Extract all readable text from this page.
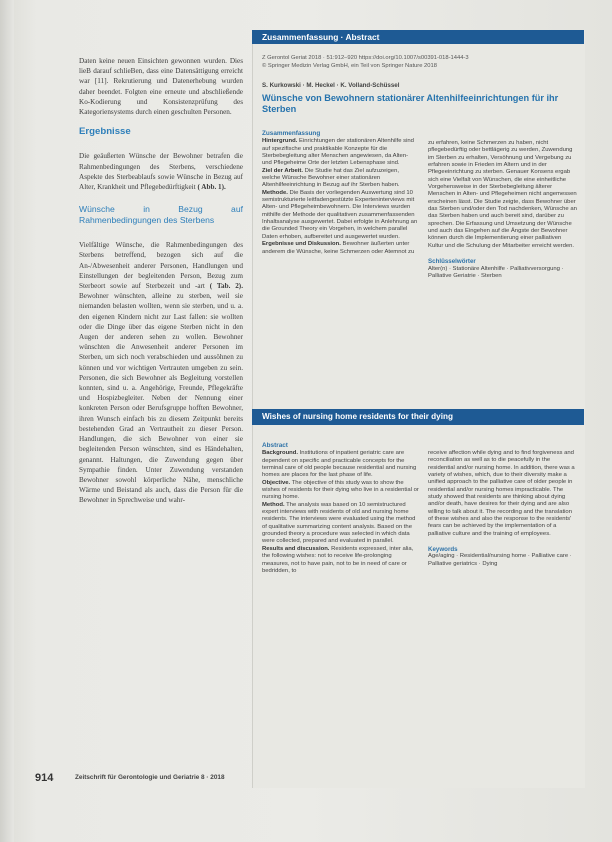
Daten keine neuen Einsichten gewonnen wurden. Dies lieB darauf schlieBen, dass eine Datensättigung erreicht war [11]. Rekrutierung und Datenerhebung wurden daher beendet. Folgten eine erneute und abschließende Ko-Kodierung und Konsistenzprüfung des Kategoriensystems durch einen geschulten Personen.

Ergebnisse

Die geäußerten Wünsche der Bewohner betrafen die Rahmenbedingungen des Sterbens, verschiedene Aspekte des Sterbeablaufs sowie Wünsche in Bezug auf Alter, Krankheit und Pflegebedürftigkeit ( Abb. 1).

Wünsche in Bezug auf Rahmenbedingungen des Sterbens

Vielfältige Wünsche, die Rahmenbedingungen des Sterbens betreffend, bezogen sich auf die An-/Abwesenheit anderer Personen, Handlungen und Einstellungen der begleitenden Person, Bezug zum Sterbeort sowie auf Sterbezeit und -art ( Tab. 2). Bewohner wünschten, alleine zu sterben, weil sie niemanden belasten wollten, wenn sie sterben, und u. a. den eigenen Kindern nicht zur Last fallen: sie wollten oder die Dinge über das eigene Sterben nicht in den Augen der anderen sehen zu wollen. Bewohner wünschten die Anwesenheit anderer Personen im Sterben, um sich noch verabschieden und aussöhnen zu können und vor wichtigen Vertrauten umgeben zu sein. Personen, die sich Bewohner als Begleitung vorstellen konnten, sind u. a. Angehörige, Freunde, Pflegekräfte und Hospizbegleiter. Neben der Nennung einer konkreten Person oder Berufsgruppe hofften Bewohner, ihren Wunsch einfach bis zu diesem Zeitpunkt bereits bestehenden Grad an Vertrautheit zu dieser Person. Handlungen, die sich Bewohner von einer sie begleitenden Person wünschten, sind es Händehalten, genannt. Haltungen, die Zuwendung gegen über Sympathie finden. Unter Zuwendung verstanden Bewohner sowohl körperliche Nähe, menschliche Wärme und Beistand als auch, dass die Person für die Bewohner in Sprechweise und wahr-

Zusammenfassung · Abstract
Z Gerontol Geriat 2018 · 51:912–920 https://doi.org/10.1007/s00391-018-1444-3
© Springer Medizin Verlag GmbH, ein Teil von Springer Nature 2018
S. Kurkowski · M. Heckel · K. Volland-Schüssel
Wünsche von Bewohnern stationärer Altenhilfeeinrichtungen für ihr Sterben
Zusammenfassung

Hintergrund. Einrichtungen der stationären Altenhilfe sind auf spezifische und praktikable Konzepte für die Sterbebegleitung alter Menschen angewiesen, da Alten- und Pflegeheime Orte der letzten Lebensphase sind.

Ziel der Arbeit. Die Studie hat das Ziel aufzuzeigen, welche Wünsche Bewohner einer stationären Altenhilfeeinrichtung in Bezug auf ihr Sterben haben.

Methode. Die Basis der vorliegenden Auswertung sind 10 semistrukturierte leitfadengestützte Experteninterviews mit Alten- und Pflegeheimbewohnern. Die Interviews wurden mithilfe der Methode der qualitativen zusammenfassenden Inhaltsanalyse ausgewertet. Dabei erfolgte in Anlehnung an die Grounded Theory ein Vorgehen, in welchem parallel Daten erhoben, aufbereitet und ausgewertet wurden.

Ergebnisse und Diskussion. Bewohner äußerten unter anderem die Wünsche, keine Schmerzen oder Atemnot zu

zu erfahren, keine Schmerzen zu haben, nicht pflegebedürftig oder bettlägerig zu werden, Zuwendung im Sterben zu erhalten, Versöhnung und Vergebung zu erfahren sowie in Frieden im Altern und in der Pflegeeinrichtung zu sterben. Genauer Konsens ergab sich eine Vielfalt von Wünschen, die eine einheitliche Vorgehensweise in der Sterbebegleitung älterer Menschen in Alten- und Pflegeheimen nicht angemessen erscheinen lässt. Die Studie zeigte, dass Bewohner über das Sterben und/oder den Tod nachdenken, Wünsche an das Sterben haben und auch bereit sind, darüber zu sprechen. Die Erfassung und Umsetzung der Wünsche und auch das Eingehen auf die Ängste der Bewohner können durch die Implementierung einer palliativen Kultur und die Schulung der Mitarbeiter erreicht werden.

Schlüsselwörter
Alter(n) · Stationäre Altenhilfe · Palliativversorgung · Palliative Geriatrie · Sterben
Wishes of nursing home residents for their dying
Abstract

Background. Institutions of inpatient geriatric care are dependent on specific and practicable concepts for the terminal care of old people because residential and nursing homes are places for the last phase of life.

Objective. The objective of this study was to show the wishes of residents for their dying who live in a residential or nursing home.

Method. The analysis was based on 10 semistructured expert interviews with residents of old and nursing home residents. The interviews were evaluated using the method of qualitative summarizing content analysis. Based on the grounded theory a procedure was selected in which data were collected, prepared and evaluated in parallel.

Results and discussion. Residents expressed, inter alia, the following wishes: not to receive life-prolonging measures, not to have pain, not to be in need of care or bedridden, to

receive affection while dying and to find forgiveness and reconciliation as well as to die peacefully in the residential and/or nursing home. In addition, there was a variety of wishes, which, due to their diversity make a unified approach to the palliative care of older people in residential and/or nursing homes impracticable. The study showed that residents are thinking about dying and/or death, have desires for their dying and are also willing to talk about it. The recording and the translation of these wishes and also the response to the residents' fears can be achieved by the implementation of a palliative culture and the training of employees.

Keywords
Age/aging · Residential/nursing home · Palliative care · Palliative geriatrics · Dying
914	Zeitschrift für Gerontologie und Geriatrie 8 · 2018
